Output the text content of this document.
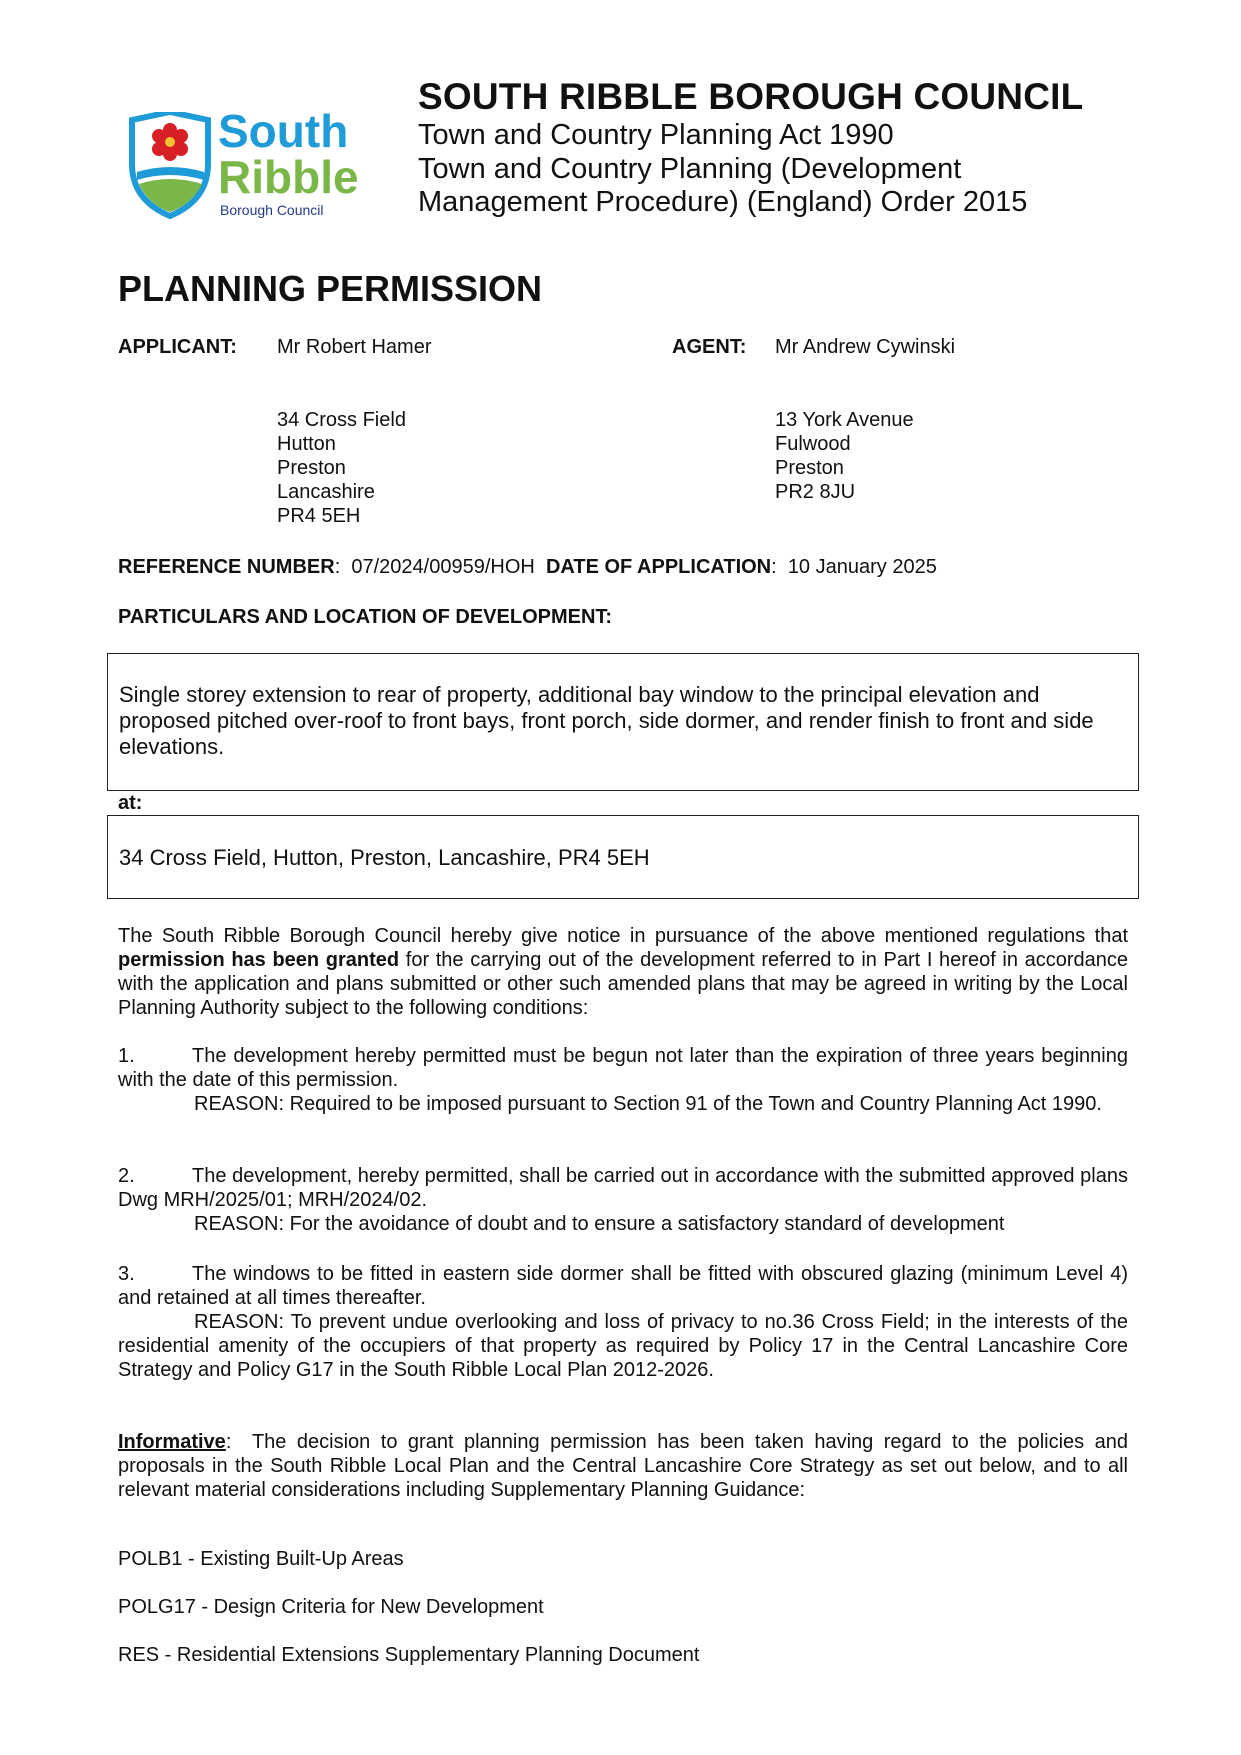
South
Ribble
Borough Council
SOUTH RIBBLE BOROUGH COUNCIL
Town and Country Planning Act 1990
Town and Country Planning (Development
Management Procedure) (England) Order 2015
PLANNING PERMISSION
APPLICANT: Mr Robert Hamer	AGENT: Mr Andrew Cywinski
34 Cross Field
Hutton
Preston
Lancashire
PR4 5EH
13 York Avenue
Fulwood
Preston
PR2 8JU
REFERENCE NUMBER:  07/2024/00959/HOH DATE OF APPLICATION:  10 January 2025
PARTICULARS AND LOCATION OF DEVELOPMENT:
Single storey extension to rear of property, additional bay window to the principal elevation and proposed pitched over-roof to front bays, front porch, side dormer, and render finish to front and side elevations.
at:
34 Cross Field, Hutton, Preston, Lancashire, PR4 5EH

The South Ribble Borough Council hereby give notice in pursuance of the above mentioned regulations that permission has been granted for the carrying out of the development referred to in Part I hereof in accordance with the application and plans submitted or other such amended plans that may be agreed in writing by the Local Planning Authority subject to the following conditions:

1.	The development hereby permitted must be begun not later than the expiration of three years beginning with the date of this permission.

REASON: Required to be imposed pursuant to Section 91 of the Town and Country Planning Act 1990.

2.	The development, hereby permitted, shall be carried out in accordance with the submitted approved plans Dwg MRH/2025/01; MRH/2024/02.

REASON: For the avoidance of doubt and to ensure a satisfactory standard of development

3.	The windows to be fitted in eastern side dormer shall be fitted with obscured glazing (minimum Level 4) and retained at all times thereafter.

REASON: To prevent undue overlooking and loss of privacy to no.36 Cross Field; in the interests of the residential amenity of the occupiers of that property as required by Policy 17 in the Central Lancashire Core Strategy and Policy G17 in the South Ribble Local Plan 2012-2026.

Informative:  The decision to grant planning permission has been taken having regard to the policies and proposals in the South Ribble Local Plan and the Central Lancashire Core Strategy as set out below, and to all relevant material considerations including Supplementary Planning Guidance:

POLB1 - Existing Built-Up Areas
POLG17 - Design Criteria for New Development
RES - Residential Extensions Supplementary Planning Document
